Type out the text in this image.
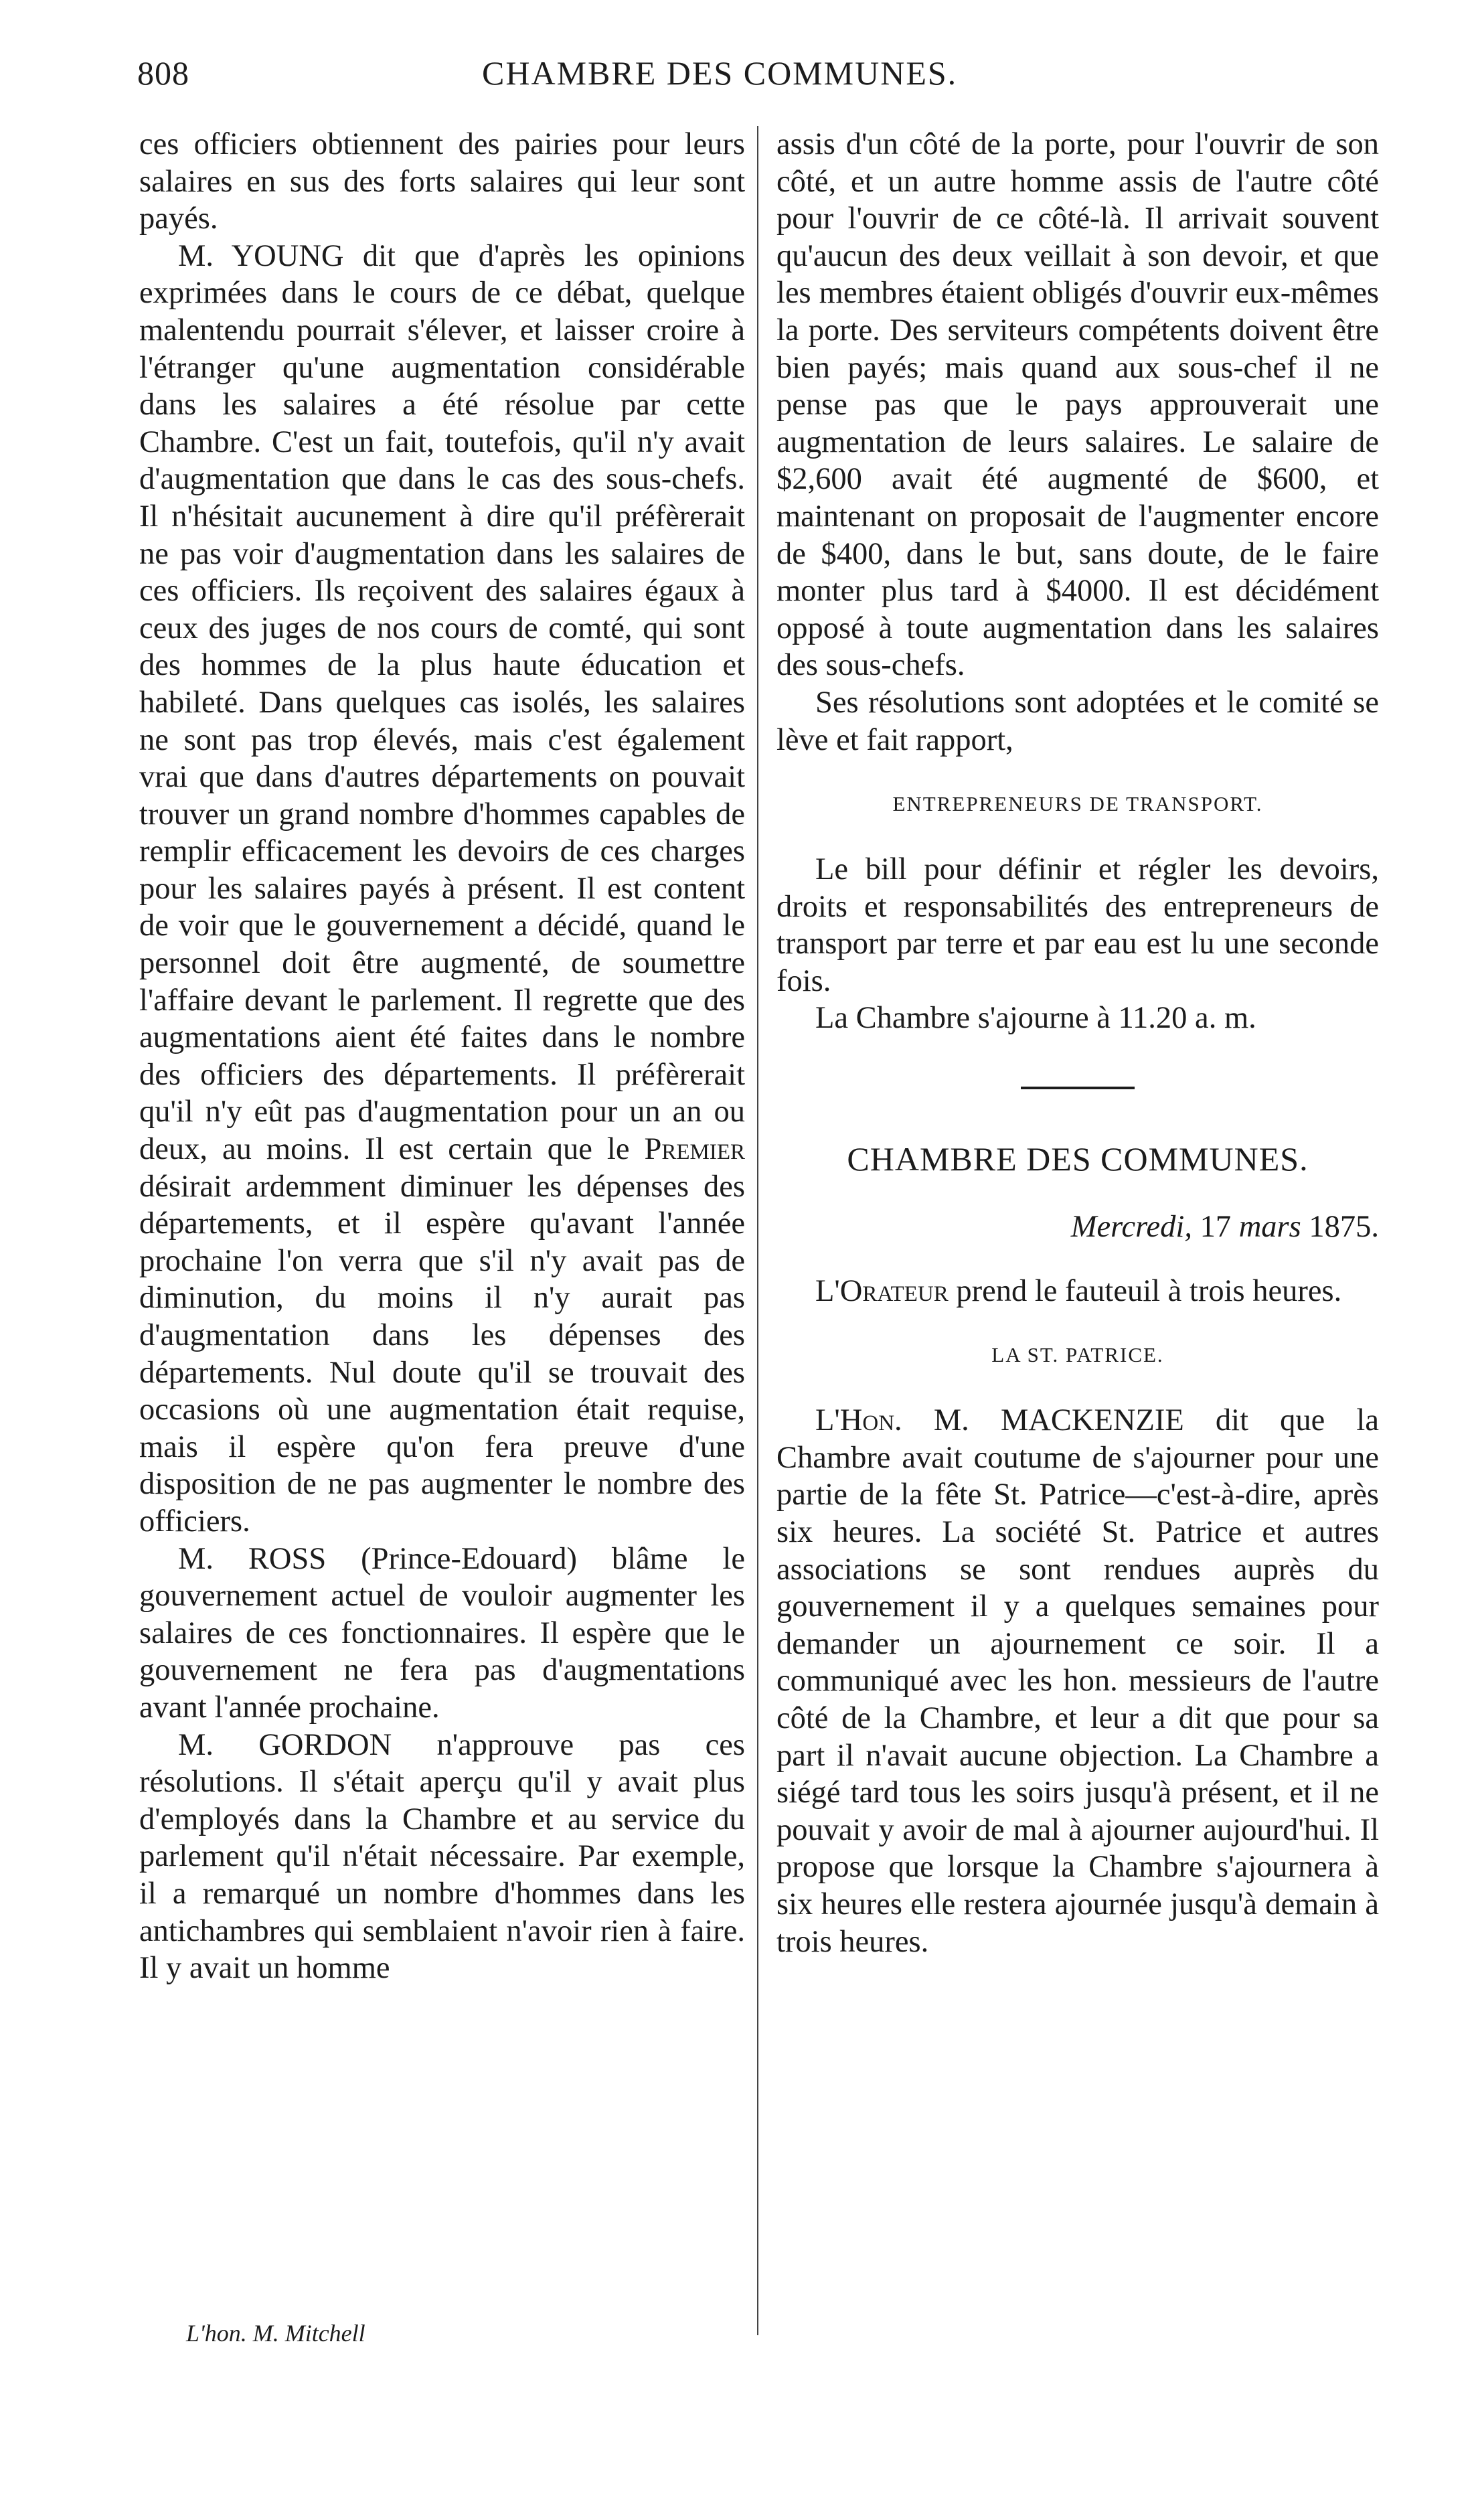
808	CHAMBRE DES COMMUNES.

ces officiers obtiennent des pairies pour leurs salaires en sus des forts salaires qui leur sont payés.

M. YOUNG dit que d'après les opinions exprimées dans le cours de ce débat, quelque malentendu pourrait s'élever, et laisser croire à l'étranger qu'une augmentation considérable dans les salaires a été résolue par cette Chambre. C'est un fait, toutefois, qu'il n'y avait d'augmentation que dans le cas des sous-chefs. Il n'hésitait aucunement à dire qu'il préfèrerait ne pas voir d'augmentation dans les salaires de ces officiers. Ils reçoivent des salaires égaux à ceux des juges de nos cours de comté, qui sont des hommes de la plus haute éducation et habileté. Dans quelques cas isolés, les salaires ne sont pas trop élevés, mais c'est également vrai que dans d'autres départements on pouvait trouver un grand nombre d'hommes capables de remplir efficacement les devoirs de ces charges pour les salaires payés à présent. Il est content de voir que le gouvernement a décidé, quand le personnel doit être augmenté, de soumettre l'affaire devant le parlement. Il regrette que des augmentations aient été faites dans le nombre des officiers des départements. Il préfèrerait qu'il n'y eût pas d'augmentation pour un an ou deux, au moins. Il est certain que le Premier désirait ardemment diminuer les dépenses des départements, et il espère qu'avant l'année prochaine l'on verra que s'il n'y avait pas de diminution, du moins il n'y aurait pas d'augmentation dans les dépenses des départements. Nul doute qu'il se trouvait des occasions où une augmentation était requise, mais il espère qu'on fera preuve d'une disposition de ne pas augmenter le nombre des officiers.

M. ROSS (Prince-Edouard) blâme le gouvernement actuel de vouloir augmenter les salaires de ces fonctionnaires. Il espère que le gouvernement ne fera pas d'augmentations avant l'année prochaine.

M. GORDON n'approuve pas ces résolutions. Il s'était aperçu qu'il y avait plus d'employés dans la Chambre et au service du parlement qu'il n'était nécessaire. Par exemple, il a remarqué un nombre d'hommes dans les antichambres qui semblaient n'avoir rien à faire. Il y avait un homme

assis d'un côté de la porte, pour l'ouvrir de son côté, et un autre homme assis de l'autre côté pour l'ouvrir de ce côté-là. Il arrivait souvent qu'aucun des deux veillait à son devoir, et que les membres étaient obligés d'ouvrir eux-mêmes la porte. Des serviteurs compétents doivent être bien payés; mais quand aux sous-chef il ne pense pas que le pays approuverait une augmentation de leurs salaires. Le salaire de $2,600 avait été augmenté de $600, et maintenant on proposait de l'augmenter encore de $400, dans le but, sans doute, de le faire monter plus tard à $4000. Il est décidément opposé à toute augmentation dans les salaires des sous-chefs.

Ses résolutions sont adoptées et le comité se lève et fait rapport,

ENTREPRENEURS DE TRANSPORT.

Le bill pour définir et régler les devoirs, droits et responsabilités des entrepreneurs de transport par terre et par eau est lu une seconde fois.

La Chambre s'ajourne à 11.20 a. m.

CHAMBRE DES COMMUNES.

Mercredi, 17 mars 1875.

L'Orateur prend le fauteuil à trois heures.

LA ST. PATRICE.

L'Hon. M. MACKENZIE dit que la Chambre avait coutume de s'ajourner pour une partie de la fête St. Patrice—c'est-à-dire, après six heures. La société St. Patrice et autres associations se sont rendues auprès du gouvernement il y a quelques semaines pour demander un ajournement ce soir. Il a communiqué avec les hon. messieurs de l'autre côté de la Chambre, et leur a dit que pour sa part il n'avait aucune objection. La Chambre a siégé tard tous les soirs jusqu'à présent, et il ne pouvait y avoir de mal à ajourner aujourd'hui. Il propose que lorsque la Chambre s'ajournera à six heures elle restera ajournée jusqu'à demain à trois heures.

L'hon. M. Mitchell
